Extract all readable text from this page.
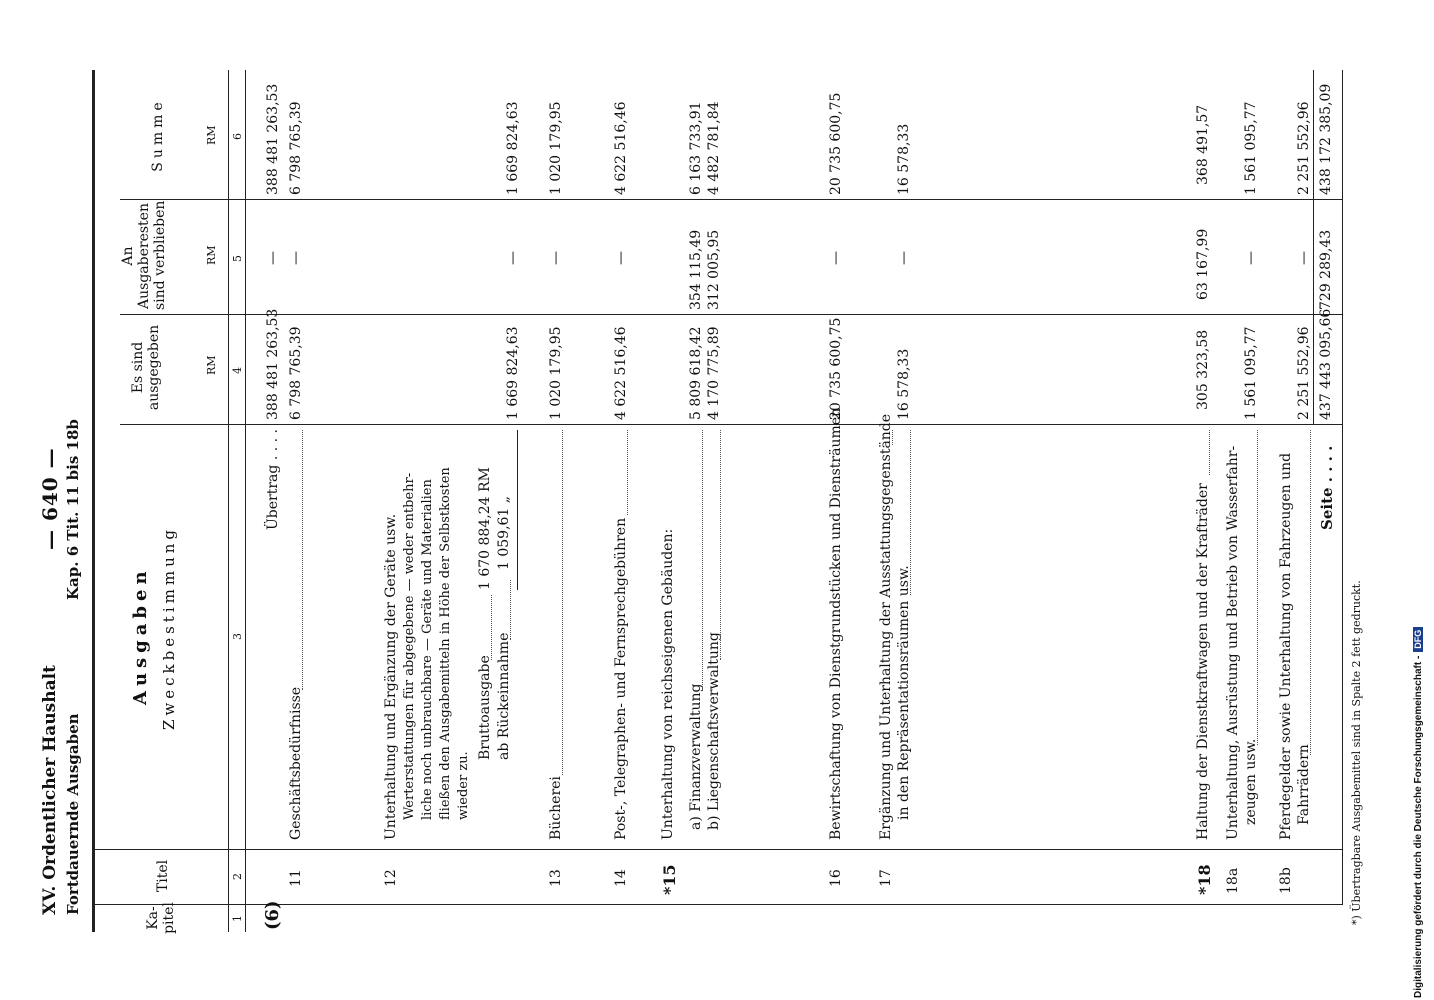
XV. Ordentlicher Haushalt
— 640 —
Fortdauernde Ausgaben
Kap. 6 Tit. 11 bis 18b
Ka-
pitel
Titel
Ausgaben Zweckbestimmung
Es sind
ausgegeben
An
Ausgaberesten
sind verblieben
Summe
RM
RM
RM
1
2
3
4
5
6
(6)
Übertrag . . . .
388 481 263,53
—
388 481 263,53
11
Geschäftsbedürfnisse
6 798 765,39
—
6 798 765,39
12
Unterhaltung und Ergänzung der Geräte usw. Werterstattungen für abgegebene — weder entbehr- liche noch unbrauchbare — Geräte und Materialien fließen den Ausgabemitteln in Höhe der Selbstkosten wieder zu.
Bruttoausgabe
1 670 884,24 RM
ab Rückeinnahme
1 059,61 „
1 669 824,63
—
1 669 824,63
13
Bücherei
1 020 179,95
—
1 020 179,95
14
Post-, Telegraphen- und Fernsprechgebühren
4 622 516,46
—
4 622 516,46
*15
Unterhaltung von reichseigenen Gebäuden: a) Finanzverwaltung
5 809 618,42
354 115,49
6 163 733,91
b) Liegenschaftsverwaltung
4 170 775,89
312 005,95
4 482 781,84
16
Bewirtschaftung von Dienstgrundstücken und Diensträumen
20 735 600,75
—
20 735 600,75
17
Ergänzung und Unterhaltung der Ausstattungsgegenstände in den Repräsentationsräumen usw.
16 578,33
—
16 578,33
*18
Haltung der Dienstkraftwagen und der Krafträder
305 323,58
63 167,99
368 491,57
18a
Unterhaltung, Ausrüstung und Betrieb von Wasserfahr- zeugen usw.
1 561 095,77
—
1 561 095,77
18b
Pferdegelder sowie Unterhaltung von Fahrzeugen und Fahrrädern
2 251 552,96
—
2 251 552,96
Seite . . . .
437 443 095,66
729 289,43
438 172 385,09
*) Übertragbare Ausgabemittel sind in Spalte 2 fett gedruckt.	Digitalisierung gefördert durch die Deutsche Forschungsgemeinschaft -DFG
